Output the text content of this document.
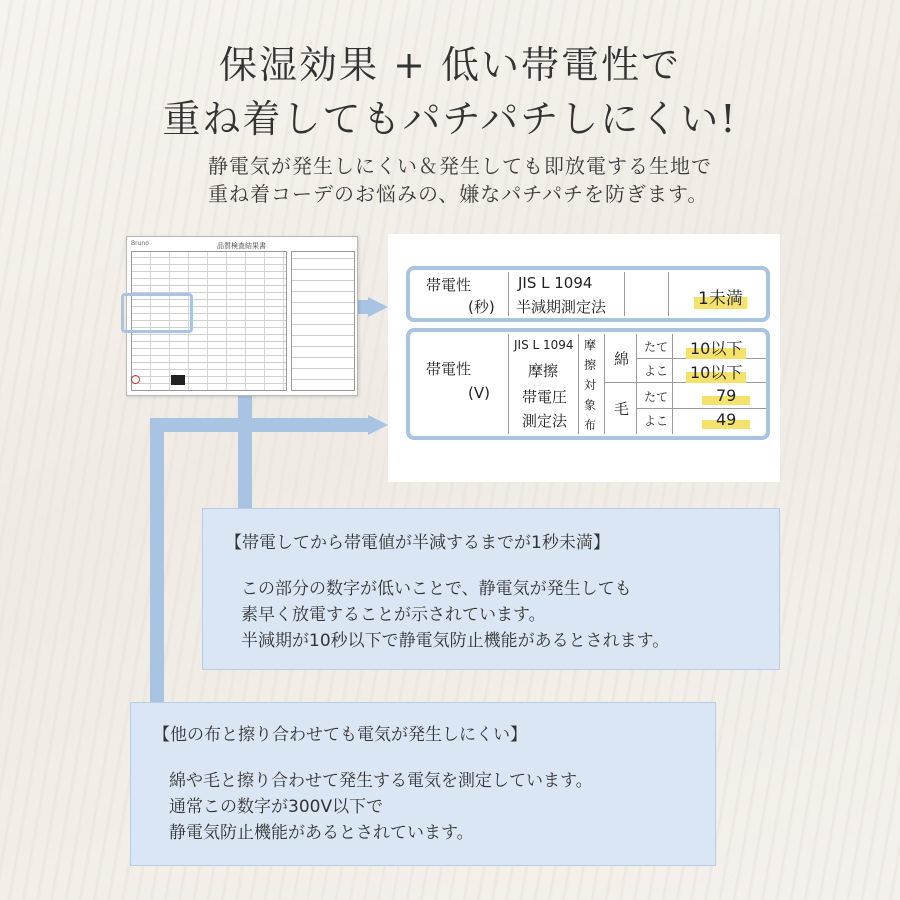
保湿効果 + 低い帯電性で
重ね着してもパチパチしにくい!
静電気が発生しにくい＆発生しても即放電する生地で
重ね着コーデのお悩みの、嫌なパチパチを防ぎます。
Bruno	品質検査結果書
帯電性
(秒)
JIS L 1094
半減期測定法	1未満
帯電性
(V)
JIS L 1094
摩擦
帯電圧
測定法
摩
擦
対
象
布
綿
毛
たて
よこ
たて
よこ
10以下
10以下
79
49
【帯電してから帯電値が半減するまでが1秒未満】
この部分の数字が低いことで、静電気が発生しても
素早く放電することが示されています。
半減期が10秒以下で静電気防止機能があるとされます。
【他の布と擦り合わせても電気が発生しにくい】
綿や毛と擦り合わせて発生する電気を測定しています。
通常この数字が300V以下で
静電気防止機能があるとされています。
